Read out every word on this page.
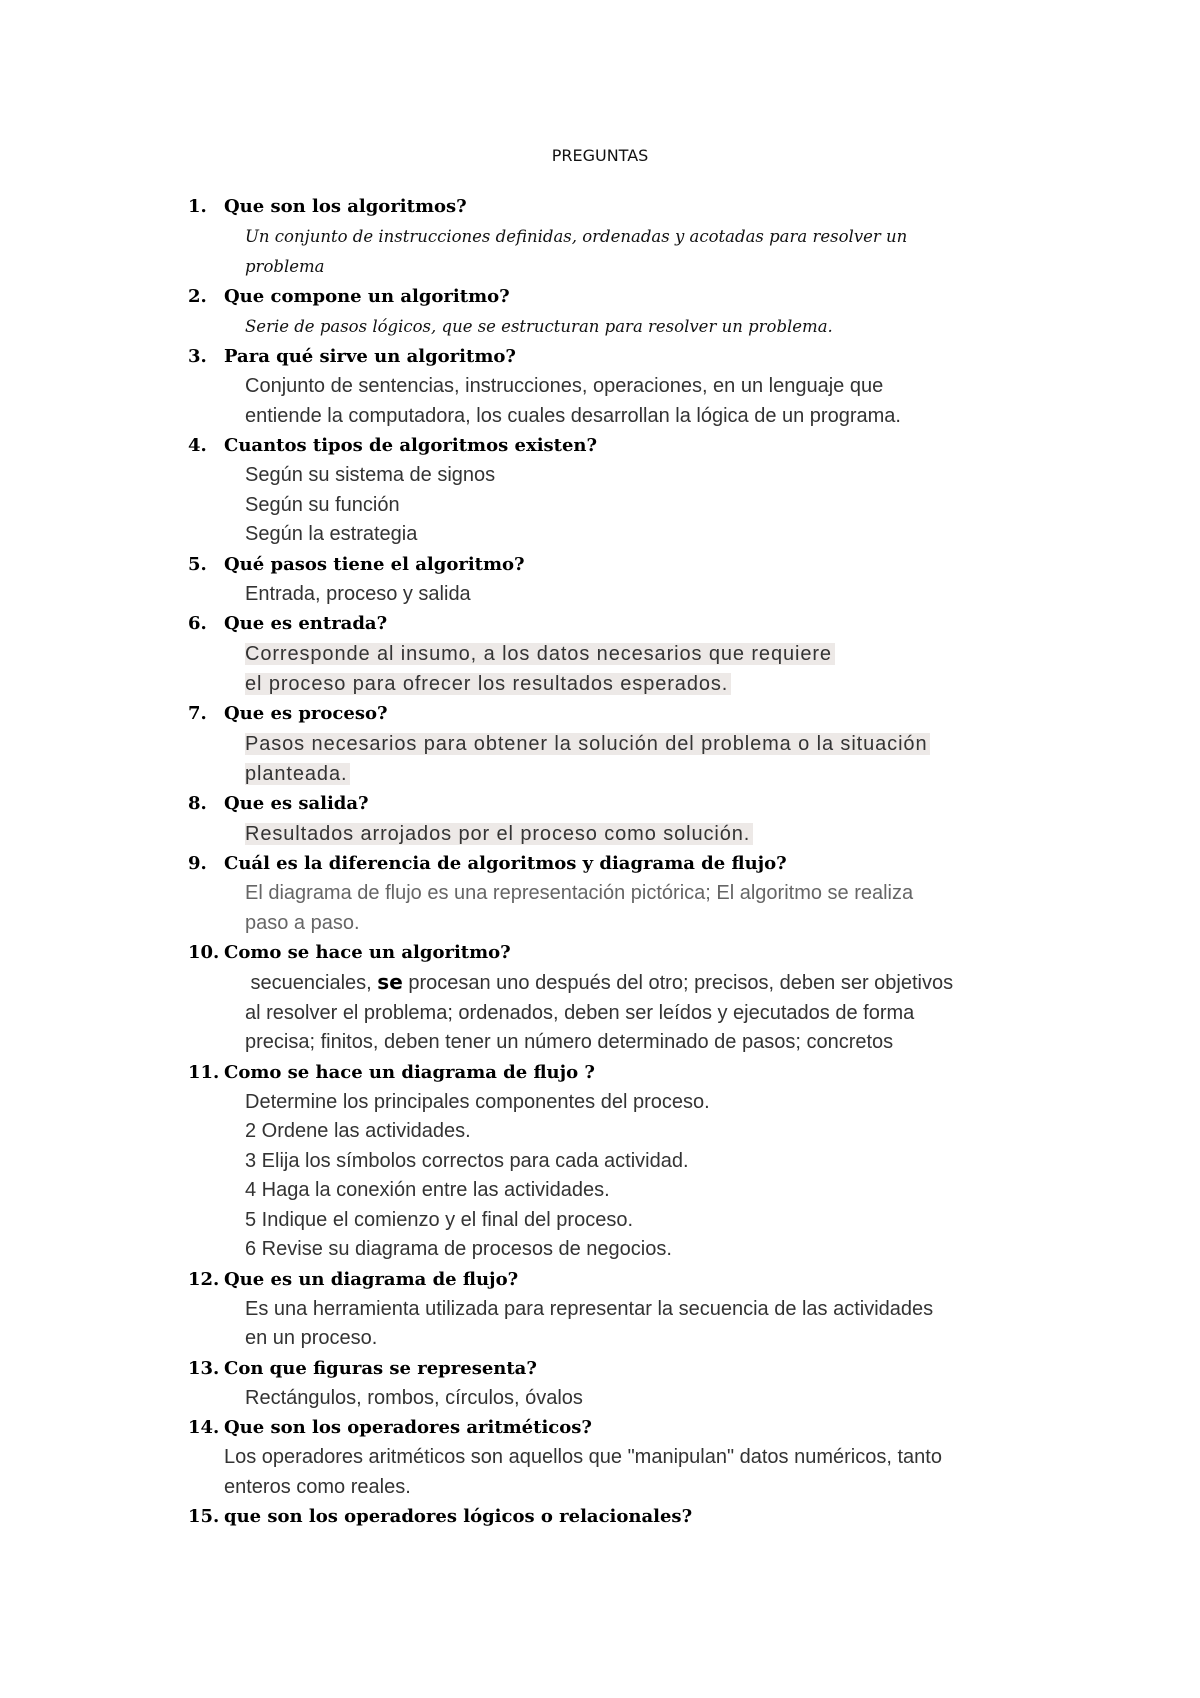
PREGUNTAS
1. Que son los algoritmos?
Un conjunto de instrucciones definidas, ordenadas y acotadas para resolver un
problema
2. Que compone un algoritmo?
Serie de pasos lógicos, que se estructuran para resolver un problema.
3. Para qué sirve un algoritmo?
Conjunto de sentencias, instrucciones, operaciones, en un lenguaje que
entiende la computadora, los cuales desarrollan la lógica de un programa.
4. Cuantos tipos de algoritmos existen?
Según su sistema de signos
Según su función
Según la estrategia
5. Qué pasos tiene el algoritmo?
Entrada, proceso y salida
6. Que es entrada?
Corresponde al insumo, a los datos necesarios que requiere
el proceso para ofrecer los resultados esperados.
7. Que es proceso?
Pasos necesarios para obtener la solución del problema o la situación
planteada.
8. Que es salida?
Resultados arrojados por el proceso como solución.
9. Cuál es la diferencia de algoritmos y diagrama de flujo?
El diagrama de flujo es una representación pictórica; El algoritmo se realiza
paso a paso.
10. Como se hace un algoritmo?
secuenciales, se procesan uno después del otro; precisos, deben ser objetivos
al resolver el problema; ordenados, deben ser leídos y ejecutados de forma
precisa; finitos, deben tener un número determinado de pasos; concretos
11. Como se hace un diagrama de flujo ?
Determine los principales componentes del proceso.
2 Ordene las actividades.
3 Elija los símbolos correctos para cada actividad.
4 Haga la conexión entre las actividades.
5 Indique el comienzo y el final del proceso.
6 Revise su diagrama de procesos de negocios.
12. Que es un diagrama de flujo?
Es una herramienta utilizada para representar la secuencia de las actividades
en un proceso.
13. Con que figuras se representa?
Rectángulos, rombos, círculos, óvalos
14. Que son los operadores aritméticos?
Los operadores aritméticos son aquellos que "manipulan" datos numéricos, tanto
enteros como reales.
15. que son los operadores lógicos o relacionales?
